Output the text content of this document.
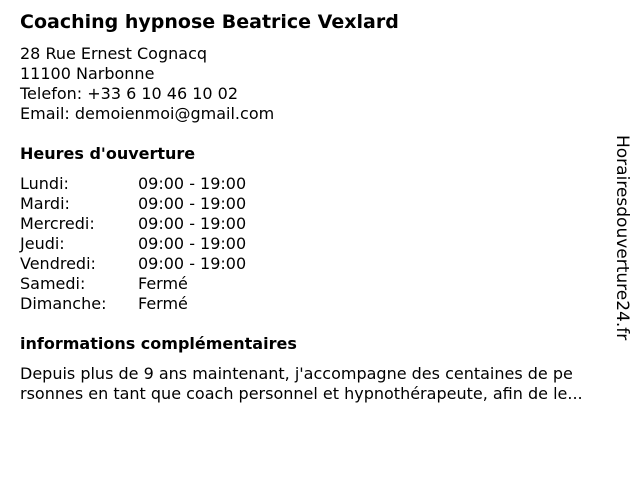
Coaching hypnose Beatrice Vexlard
28 Rue Ernest Cognacq
11100 Narbonne
Telefon: +33 6 10 46 10 02
Email: demoienmoi@gmail.com
Heures d'ouverture
Lundi:	09:00 - 19:00
Mardi:	09:00 - 19:00
Mercredi:	09:00 - 19:00
Jeudi:	09:00 - 19:00
Vendredi:	09:00 - 19:00
Samedi:	Fermé
Dimanche:	Fermé
informations complémentaires
Depuis plus de 9 ans maintenant, j'accompagne des centaines de pe
rsonnes en tant que coach personnel et hypnothérapeute, afin de le...
Horairesdouverture24.fr
